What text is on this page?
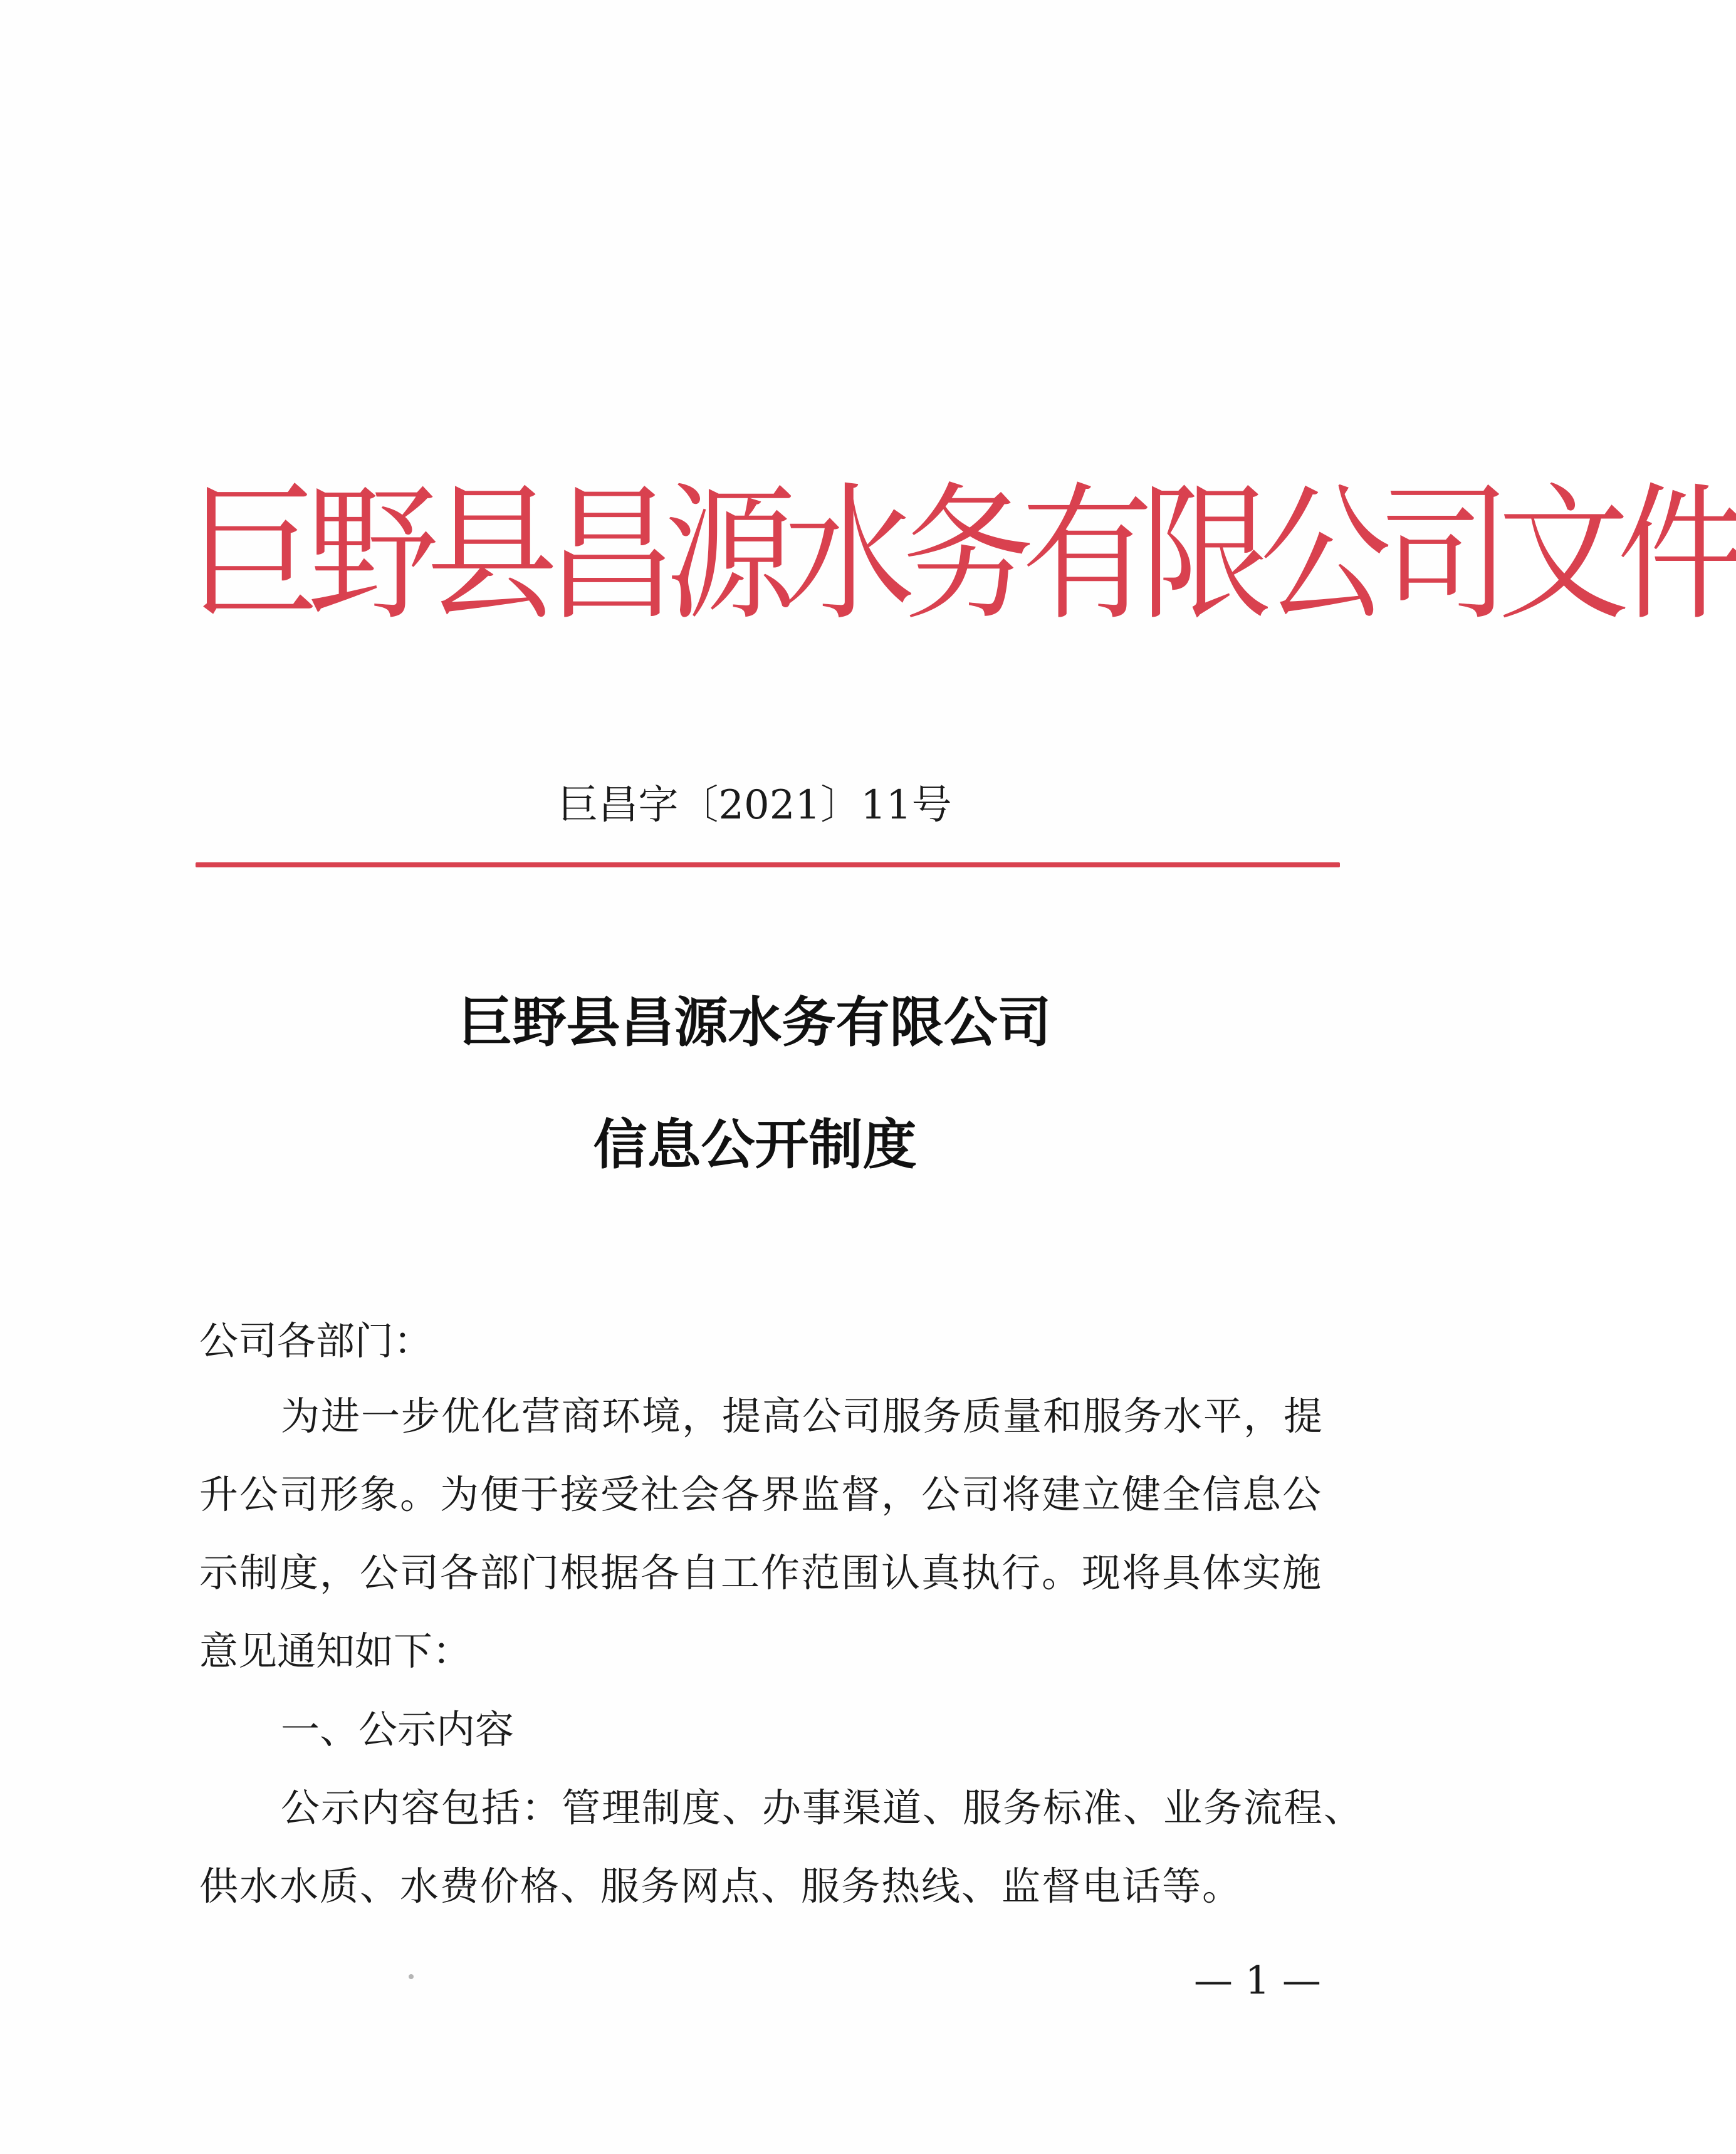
巨野县昌源水务有限公司文件
巨昌字〔2021〕11号
巨野县昌源水务有限公司
信息公开制度
公司各部门：
为进一步优化营商环境，提高公司服务质量和服务水平，提
升公司形象。为便于接受社会各界监督，公司将建立健全信息公
示制度，公司各部门根据各自工作范围认真执行。现将具体实施
意见通知如下：
一、公示内容
公示内容包括：管理制度、办事渠道、服务标准、业务流程、
供水水质、水费价格、服务网点、服务热线、监督电话等。
— 1 —
